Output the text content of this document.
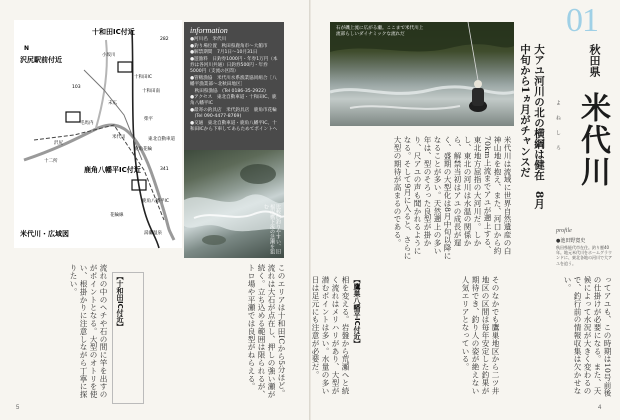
十和田IC付近
沢尻駅前付近
鹿角八幡平IC付近
十和田IC
十和田南
末広
毛馬内
柴平
沢尻
鹿角花輪
十二所
鹿角八幡平IC
花輪線
湯瀬温泉
米代川
小坂川
282
341
103
東北自動車道
N
米代川・広域図
information

●河川名　米代川

●釣り場位置　秋田県鹿角市～大館市

●解禁期間　7月1日～10月31日

●遊漁料　日釣券1000円・年券1万円（本券は各河川共通）日釣券500円・年券5000円（支流の区間）

●管轄漁協　米代川水系漁業協同組合［八幡平漁業部～北秋田地区］

　秋田県漁協　(Tel 0186-35-2922)

●アクセス　東北自動車道・十和田IC、鹿角八幡平IC

●最寄の釣具店　米代釣具店　鹿角市花輪

　(Tel 090-4477-8769)

●交通　東北自動車道・鹿角八幡平IC、十和田ICから下車してあらためてポイントへ

比較的釣りやすい、旧福沢橋下流の急瀬を狙む
このエリアは十和田ICから5分ほど。流れは大石が点在し、押しの強い瀬が続く。立ち込める範囲は限られるが、トロ場や平瀬では良型がねらえる。	【鷹巣八幡平IC付近】
流れの中のヘチや石の間に竿を出すのがポイントとなる。大型のオトリを使い、根掛かりに注意しながら丁寧に探りたい。	【十和田IC付近】
5
石が磯上流に広がる瀬。ここまで米代川上流部らしいダイナミックな流れだ	01
秋田県
よねしろ 米代川
大アユ河川の北の横綱は健在　8月中旬から1ヵ月がチャンスだ
米代川は流域に世界自然遺産の白神山地を抱え、また、河口から約70km上流までアユが遡上する、東北地方屈指の大河川だ。しかし、東北の河川は水温の関係から、解禁当初はアユの成長が遅く、盛期の大型化は8月中旬以降になることが多い。天然遡上の多い年は、型のそろった良型が掛かり、尺アユの声も聞かれるようになる。そして9月に入ると、さらに大型の期待が高まるのである。	profile
●池田野寛史
秋田県能代市在住。釣り歴40年。地元米代川をホームグラウンドに、東北各地の河川で大アユを追う。
相を変える。岩盤から荒瀬へと続く流れはメリハリがあり、大型が潜むポイントは多い。水量の多い日は足元にも注意が必要だ。	そのなかでも鷹巣地区から二ツ井地区の区間は毎年安定した釣果が期待でき、釣り人の姿が絶えない人気エリアとなっている。	ってアユも、この時期は10号前後の仕掛けが必要になる。また、天候によって水況が大きく変わるので、釣行前の情報収集は欠かせない。
4
